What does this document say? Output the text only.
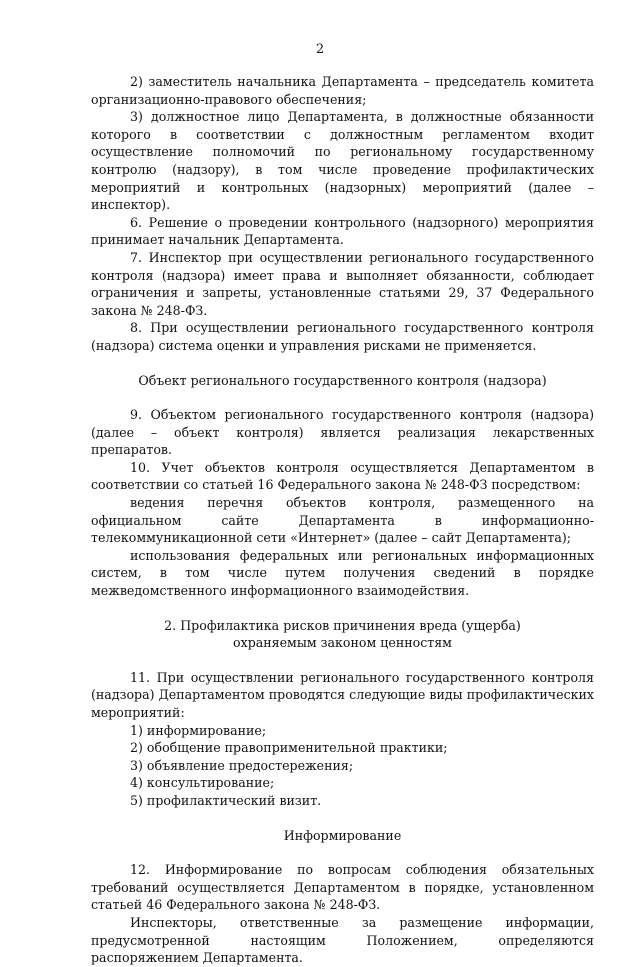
2

2) заместитель начальника Департамента – председатель комитета организационно-правового обеспечения;

3) должностное лицо Департамента, в должностные обязанности которого в соответствии с должностным регламентом входит осуществление полномочий по региональному государственному контролю (надзору), в том числе проведение профилактических мероприятий и контрольных (надзорных) мероприятий (далее – инспектор).

6. Решение о проведении контрольного (надзорного) мероприятия принимает начальник Департамента.

7. Инспектор при осуществлении регионального государственного контроля (надзора) имеет права и выполняет обязанности, соблюдает ограничения и запреты, установленные статьями 29, 37 Федерального закона № 248-ФЗ.

8. При осуществлении регионального государственного контроля (надзора) система оценки и управления рисками не применяется.

Объект регионального государственного контроля (надзора)

9. Объектом регионального государственного контроля (надзора) (далее – объект контроля) является реализация лекарственных препаратов.

10. Учет объектов контроля осуществляется Департаментом в соответствии со статьей 16 Федерального закона № 248-ФЗ посредством:

ведения перечня объектов контроля, размещенного на официальном сайте Департамента в информационно-телекоммуникационной сети «Интернет» (далее – сайт Департамента);

использования федеральных или региональных информационных систем, в том числе путем получения сведений в порядке межведомственного информационного взаимодействия.

2. Профилактика рисков причинения вреда (ущерба)
охраняемым законом ценностям

11. При осуществлении регионального государственного контроля (надзора) Департаментом проводятся следующие виды профилактических мероприятий:

1) информирование;

2) обобщение правоприменительной практики;

3) объявление предостережения;

4) консультирование;

5) профилактический визит.

Информирование

12. Информирование по вопросам соблюдения обязательных требований осуществляется Департаментом в порядке, установленном статьей 46 Федерального закона № 248-ФЗ.

Инспекторы, ответственные за размещение информации, предусмотренной настоящим Положением, определяются распоряжением Департамента.
